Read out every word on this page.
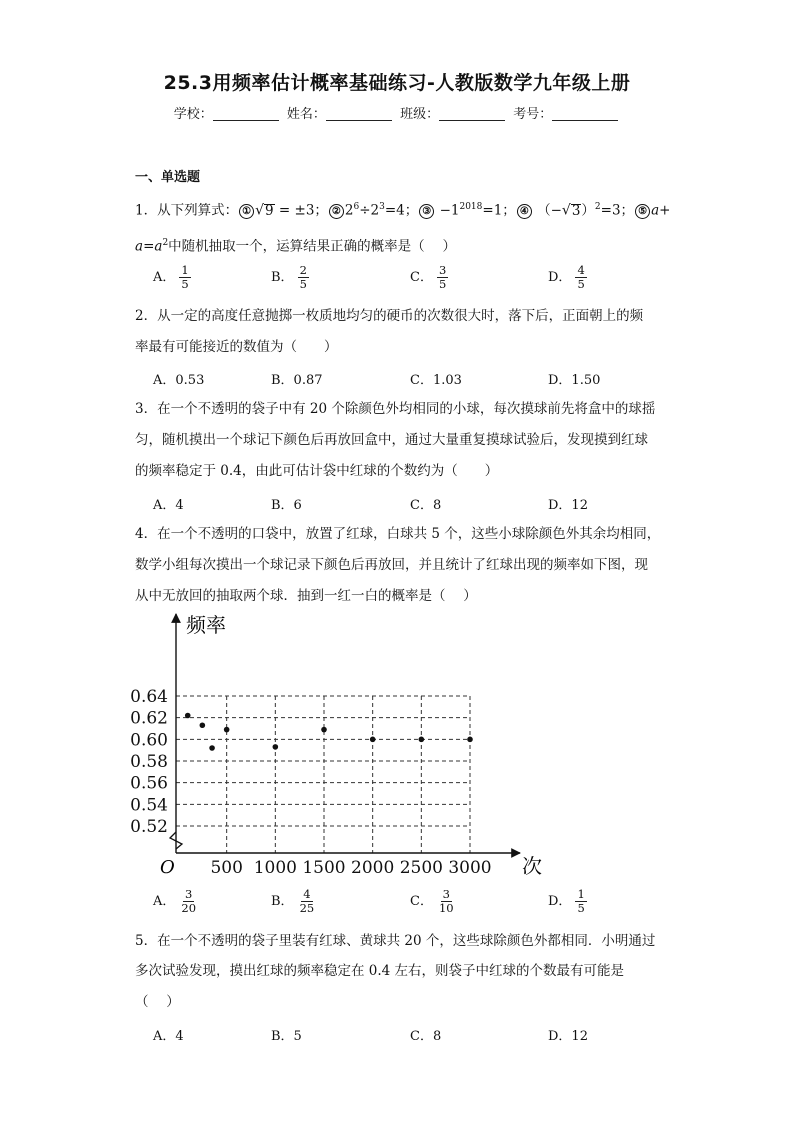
25.3用频率估计概率基础练习-人教版数学九年级上册
学校：	姓名：	班级：	考号：
一、单选题
1．从下列算式： ① √9 = ±3； ② $2^6\div 2^3=4$； ③ $-1^{2018}=1$； ④ $(-√3)^2=3$； ⑤ a+
$a=a^2$中随机抽取一个，运算结果正确的概率是（　 ）
A． $\frac{1}{5}$	B． $\frac{2}{5}$	C． $\frac{3}{5}$	D． $\frac{4}{5}$
2．从一定的高度任意抛掷一枚质地均匀的硬币的次数很大时，落下后，正面朝上的频
率最有可能接近的数值为（　　）
A．0.53	B．0.87	C．1.03	D．1.50
3．在一个不透明的袋子中有 20 个除颜色外均相同的小球，每次摸球前先将盒中的球摇
匀，随机摸出一个球记下颜色后再放回盒中，通过大量重复摸球试验后，发现摸到红球
的频率稳定于 0.4，由此可估计袋中红球的个数约为（　　）
A．4	B．6	C．8	D．12
4．在一个不透明的口袋中，放置了红球，白球共 5 个，这些小球除颜色外其余均相同，
数学小组每次摸出一个球记录下颜色后再放回，并且统计了红球出现的频率如下图，现
从中无放回的抽取两个球．抽到一红一白的概率是（　 ）
0.52
0.54
0.56
0.58
0.60
0.62
0.64
500 1000 1500 2000 2500 3000
频率
次
O
A． $\frac{3}{20}$	B． $\frac{4}{25}$	C． $\frac{3}{10}$	D． $\frac{1}{5}$
5．在一个不透明的袋子里装有红球、黄球共 20 个，这些球除颜色外都相同．小明通过
多次试验发现，摸出红球的频率稳定在 0.4 左右，则袋子中红球的个数最有可能是
（　 ）
A．4	B．5	C．8	D．12
